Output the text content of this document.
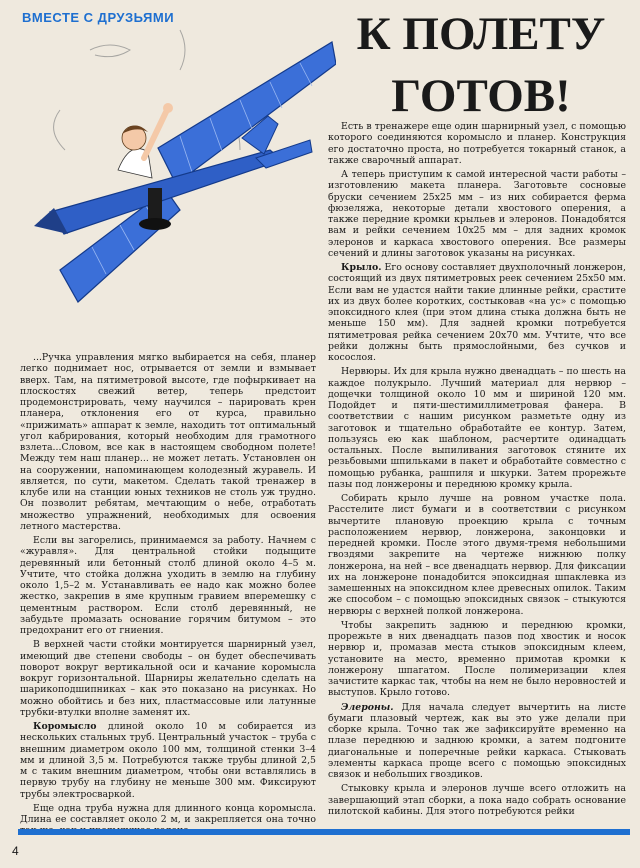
ВМЕСТЕ С ДРУЗЬЯМИ	К ПОЛЕТУ
ГОТОВ!

...Ручка управления мягко выбирается на себя, планер легко поднимает нос, отрывается от земли и взмывает вверх. Там, на пятиметровой высоте, где пофыркивает на плоскостях свежий ветер, теперь предстоит продемонстрировать, чему научился – парировать крен планера, отклонения его от курса, правильно «прижимать» аппарат к земле, находить тот оптимальный угол кабрирования, который необходим для грамотного взлета...Словом, все как в настоящем свободном полете! Между тем наш планер... не может летать. Установлен он на сооружении, напоминающем колодезный журавель. И является, по сути, макетом. Сделать такой тренажер в клубе или на станции юных техников не столь уж трудно. Он позволит ребятам, мечтающим о небе, отработать множество упражнений, необходимых для освоения летного мастерства.

Если вы загорелись, принимаемся за работу. Начнем с «журавля». Для центральной стойки подыщите деревянный или бетонный столб длиной около 4–5 м. Учтите, что стойка должна уходить в землю на глубину около 1,5–2 м. Устанавливать ее надо как можно более жестко, закрепив в яме крупным гравием вперемешку с цементным раствором. Если столб деревянный, не забудьте промазать основание горячим битумом – это предохранит его от гниения.

В верхней части стойки монтируется шарнирный узел, имеющий две степени свободы – он будет обеспечивать поворот вокруг вертикальной оси и качание коромысла вокруг горизонтальной. Шарниры желательно сделать на шарикоподшипниках – как это показано на рисунках. Но можно обойтись и без них, пластмассовые или латунные трубки-втулки вполне заменят их.

Коромысло длиной около 10 м собирается из нескольких стальных труб. Центральный участок – труба с внешним диаметром около 100 мм, толщиной стенки 3–4 мм и длиной 3,5 м. Потребуются также трубы длиной 2,5 м с таким внешним диаметром, чтобы они вставлялись в первую трубу на глубину не меньше 300 мм. Фиксируют трубы электросваркой.

Еще одна труба нужна для длинного конца коромысла. Длина ее составляет около 2 м, и закрепляется она точно

Есть в тренажере еще один шарнирный узел, с помощью которого соединяются коромысло и планер. Конструкция его достаточно проста, но потребуется токарный станок, а также сварочный аппарат.

А теперь приступим к самой интересной части работы – изготовлению макета планера. Заготовьте сосновые бруски сечением 25х25 мм – из них собирается ферма фюзеляжа, некоторые детали хвостового оперения, а также передние кромки крыльев и элеронов. Понадобятся вам и рейки сечением 10х25 мм – для задних кромок элеронов и каркаса хвостового оперения. Все размеры сечений и длины заготовок указаны на рисунках.

Крыло. Его основу составляет двухполочный лонжерон, состоящий из двух пятиметровых реек сечением 25х50 мм. Если вам не удастся найти такие длинные рейки, срастите их из двух более коротких, состыковав «на ус» с помощью эпоксидного клея (при этом длина стыка должна быть не меньше 150 мм). Для задней кромки потребуется пятиметровая рейка сечением 20х70 мм. Учтите, что все рейки должны быть прямослойными, без сучков и косослоя.

Нервюры. Их для крыла нужно двенадцать – по шесть на каждое полукрыло. Лучший материал для нервюр – дощечки толщиной около 10 мм и шириной 120 мм. Подойдет и пяти-шестимиллиметровая фанера. В соответствии с нашим рисунком разметьте одну из заготовок и тщательно обработайте ее контур. Затем, пользуясь ею как шаблоном, расчертите одинадцать остальных. После выпиливания заготовок стяните их резьбовыми шпильками в пакет и обработайте совместно с помощью рубанка, рашпиля и шкурки. Затем прорежьте пазы под лонжероны и переднюю кромку крыла.

Собирать крыло лучше на ровном участке пола. Расстелите лист бумаги и в соответствии с рисунком вычертите плановую проекцию крыла с точным расположением нервюр, лонжерона, законцовки и передней кромки. После этого двумя-тремя небольшими гвоздями закрепите на чертеже нижнюю полку лонжерона, на ней – все двенадцать нервюр. Для фиксации их на лонжероне понадобится эпоксидная шпаклевка из замешенных на эпоксидном клее древесных опилок. Таким же способом – с помощью эпоксидных связок – стыкуются нервюры с верхней полкой лонжерона.

Чтобы закрепить заднюю и переднюю кромки, прорежьте в них двенадцать пазов под хвостик и носок нервюр и, промазав места стыков эпоксидным клеем, установите на место, временно примотав кромки к лонжерону шпагатом. После полимеризации клея зачистите каркас так, чтобы на нем не было неровностей и выступов. Крыло готово.

Элероны. Для начала следует вычертить на листе бумаги плазовый чертеж, как вы это уже делали при сборке крыла. Точно так же зафиксируйте временно на плазе переднюю и заднюю кромки, а затем подгоните диагональные и поперечные рейки каркаса. Стыковать элементы каркаса проще всего с помощью эпоксидных связок и небольших гвоздиков.

Стыковку крыла и элеронов лучше всего отложить на завершающий этап сборки, а пока надо собрать основание пилотской кабины. Для этого потребуются рейки

4
